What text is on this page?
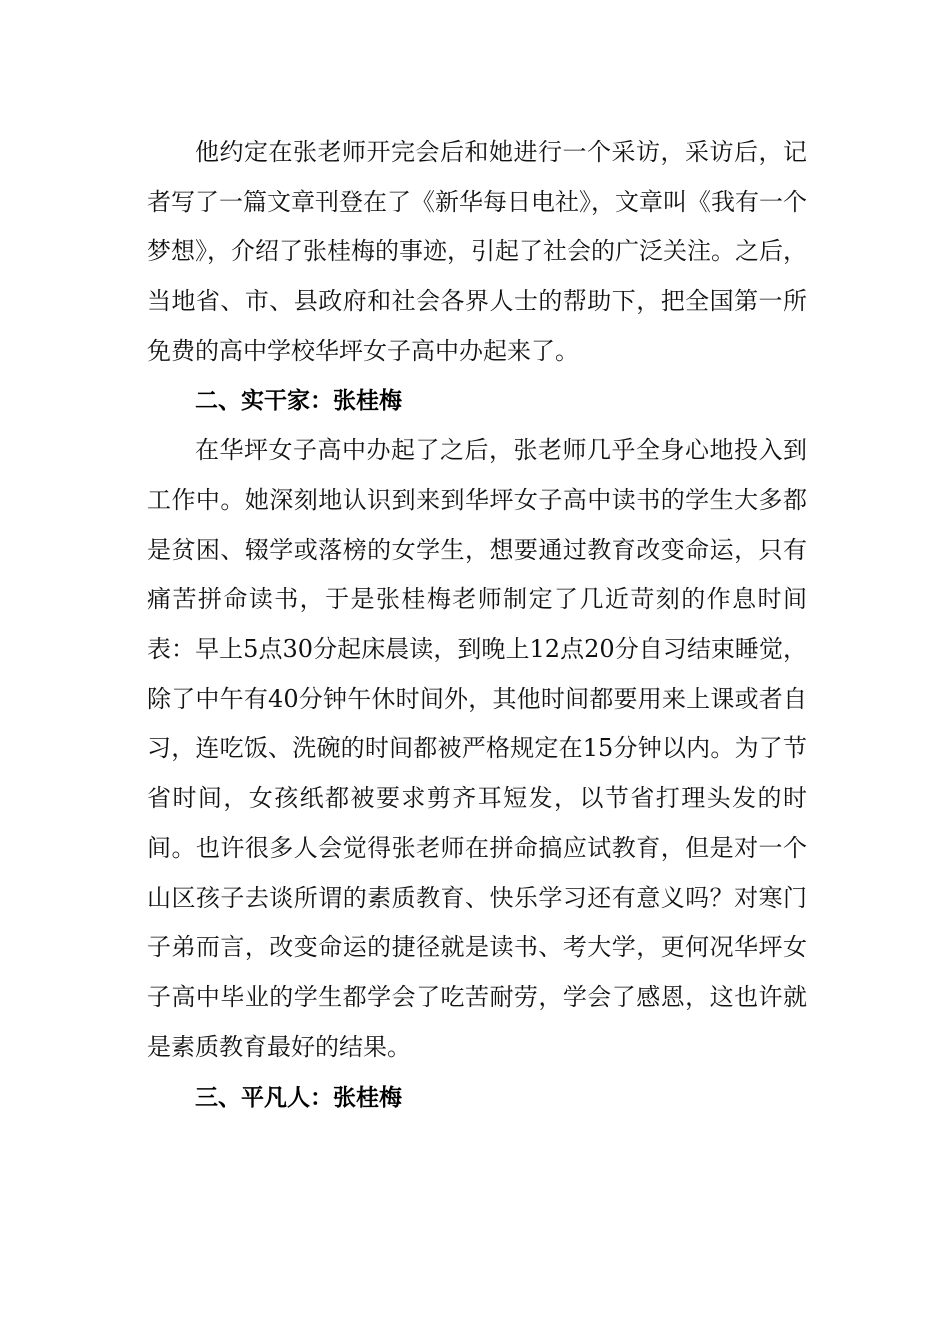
他约定在张老师开完会后和她进行一个采访，采访后，记者写了一篇文章刊登在了《新华每日电社》，文章叫《我有一个梦想》，介绍了张桂梅的事迹，引起了社会的广泛关注。之后，当地省、市、县政府和社会各界人士的帮助下，把全国第一所免费的高中学校华坪女子高中办起来了。

二、实干家：张桂梅

在华坪女子高中办起了之后，张老师几乎全身心地投入到工作中。她深刻地认识到来到华坪女子高中读书的学生大多都是贫困、辍学或落榜的女学生，想要通过教育改变命运，只有痛苦拼命读书，于是张桂梅老师制定了几近苛刻的作息时间表：早上5点30分起床晨读，到晚上12点20分自习结束睡觉，除了中午有40分钟午休时间外，其他时间都要用来上课或者自习，连吃饭、洗碗的时间都被严格规定在15分钟以内。为了节省时间，女孩纸都被要求剪齐耳短发，以节省打理头发的时间。也许很多人会觉得张老师在拼命搞应试教育，但是对一个山区孩子去谈所谓的素质教育、快乐学习还有意义吗？对寒门子弟而言，改变命运的捷径就是读书、考大学，更何况华坪女子高中毕业的学生都学会了吃苦耐劳，学会了感恩，这也许就是素质教育最好的结果。

三、平凡人：张桂梅
